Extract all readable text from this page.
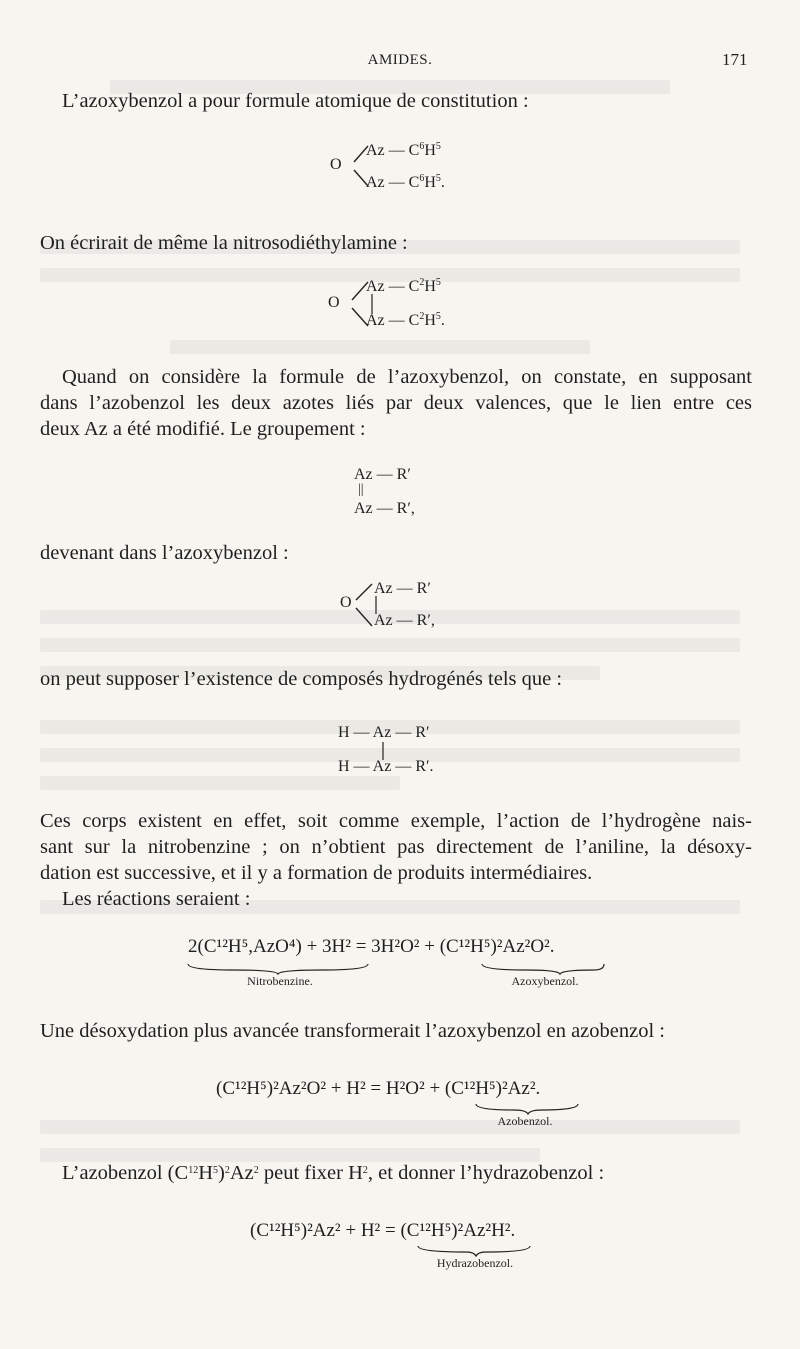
AMIDES.	171
L’azoxybenzol a pour formule atomique de constitution :
O
Az — $C^6H^5$
Az — $C^6H^5$.
On écrirait de même la nitrosodiéthylamine :
O
Az — $C^2H^5$
Az — $C^2H^5$.
Quand on considère la formule de l’azoxybenzol, on constate, en supposant
dans l’azobenzol les deux azotes liés par deux valences, que le lien entre ces
deux Az a été modifié. Le groupement :
Az — R′
||
Az — R′,
devenant dans l’azoxybenzol :
O
Az — R′
Az — R′,
on peut supposer l’existence de composés hydrogénés tels que :
H — Az — R′
H — Az — R′.
Ces corps existent en effet, soit comme exemple, l’action de l’hydrogène nais-
sant sur la nitrobenzine ; on n’obtient pas directement de l’aniline, la désoxy-
dation est successive, et il y a formation de produits intermédiaires.
Les réactions seraient :
2(C¹²H⁵,AzO⁴) + 3H² = 3H²O² + (C¹²H⁵)²Az²O².
Nitrobenzine.	Azoxybenzol.
Une désoxydation plus avancée transformerait l’azoxybenzol en azobenzol :
(C¹²H⁵)²Az²O² + H² = H²O² + (C¹²H⁵)²Az².
Azobenzol.
L’azobenzol $(C^{12}H^5)^2Az^2$ peut fixer $H^2$, et donner l’hydrazobenzol :
(C¹²H⁵)²Az² + H² = (C¹²H⁵)²Az²H².
Hydrazobenzol.
